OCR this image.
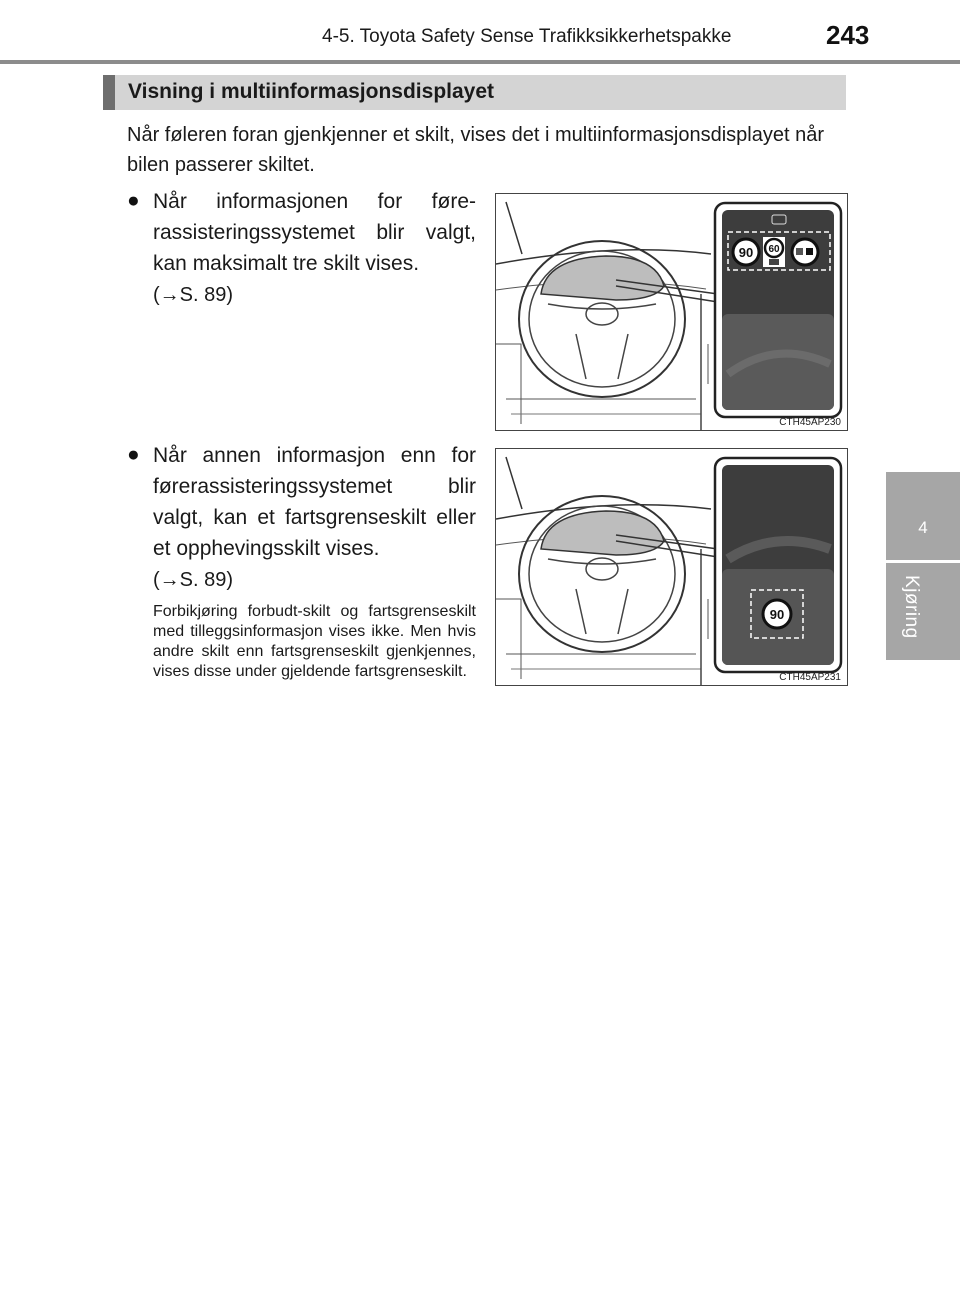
4-5. Toyota Safety Sense Trafikksikkerhetspakke	243
4
Kjøring
Visning i multiinformasjonsdisplayet
Når føleren foran gjenkjenner et skilt, vises det i multiinformasjonsdisplayet når bilen passerer skiltet.
● Når informasjonen for førerassisteringssystemet blir valgt, kan maksimalt tre skilt vises.
(→S. 89)
90 60
CTH45AP230
● Når annen informasjon enn for førerassisteringssystemet blir valgt, kan et fartsgrenseskilt eller et opphevingsskilt vises.
(→S. 89)
Forbikjøring forbudt-skilt og fartsgrenseskilt med tilleggsinformasjon vises ikke. Men hvis andre skilt enn fartsgrenseskilt gjenkjennes, vises disse under gjeldende fartsgrenseskilt.
90
CTH45AP231
